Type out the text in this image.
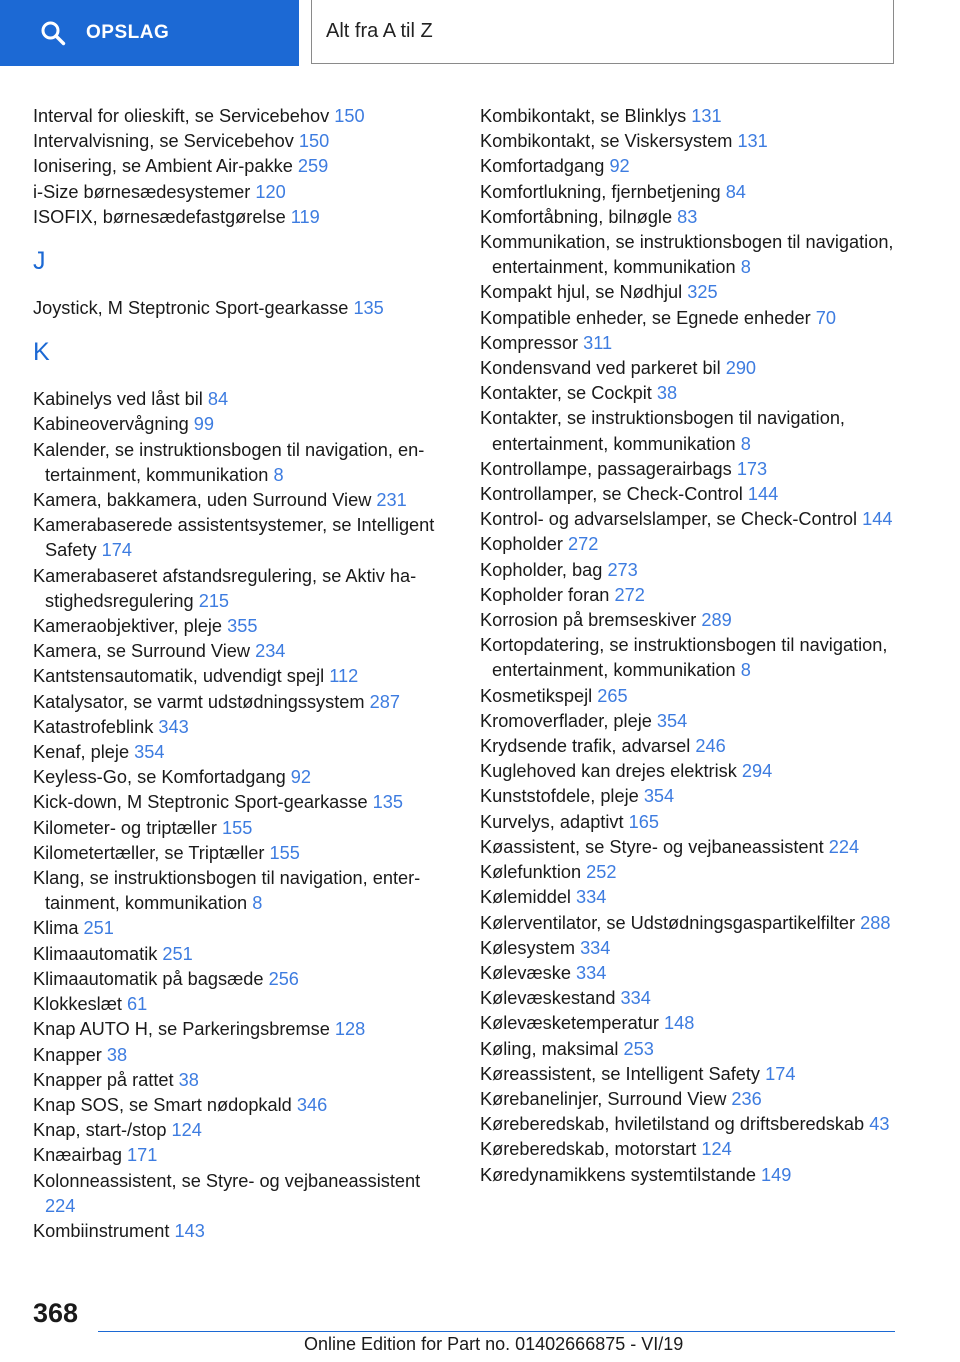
OPSLAG	Alt fra A til Z
Interval for olieskift, se Servicebehov 150
Intervalvisning, se Servicebehov 150
Ionisering, se Ambient Air-pakke 259
i-Size børnesædesystemer 120
ISOFIX, børnesædefastgørelse 119
J
Joystick, M Steptronic Sport-gearkasse 135
K
Kabinelys ved låst bil 84
Kabineovervågning 99
Kalender, se instruktionsbogen til navigation, entertainment, kommunikation 8
Kamera, bakkamera, uden Surround View 231
Kamerabaserede assistentsystemer, se Intelligent Safety 174
Kamerabaseret afstandsregulering, se Aktiv hastighedsregulering 215
Kameraobjektiver, pleje 355
Kamera, se Surround View 234
Kantstensautomatik, udvendigt spejl 112
Katalysator, se varmt udstødningssystem 287
Katastrofeblink 343
Kenaf, pleje 354
Keyless-Go, se Komfortadgang 92
Kick-down, M Steptronic Sport-gearkasse 135
Kilometer- og triptæller 155
Kilometertæller, se Triptæller 155
Klang, se instruktionsbogen til navigation, entertainment, kommunikation 8
Klima 251
Klimaautomatik 251
Klimaautomatik på bagsæde 256
Klokkeslæt 61
Knap AUTO H, se Parkeringsbremse 128
Knapper 38
Knapper på rattet 38
Knap SOS, se Smart nødopkald 346
Knap, start-/stop 124
Knæairbag 171
Kolonneassistent, se Styre- og vejbaneassistent 224
Kombiinstrument 143
Kombikontakt, se Blinklys 131
Kombikontakt, se Viskersystem 131
Komfortadgang 92
Komfortlukning, fjernbetjening 84
Komfortåbning, bilnøgle 83
Kommunikation, se instruktionsbogen til navigation, entertainment, kommunikation 8
Kompakt hjul, se Nødhjul 325
Kompatible enheder, se Egnede enheder 70
Kompressor 311
Kondensvand ved parkeret bil 290
Kontakter, se Cockpit 38
Kontakter, se instruktionsbogen til navigation, entertainment, kommunikation 8
Kontrollampe, passagerairbags 173
Kontrollamper, se Check-Control 144
Kontrol- og advarselslamper, se Check-Control 144
Kopholder 272
Kopholder, bag 273
Kopholder foran 272
Korrosion på bremseskiver 289
Kortopdatering, se instruktionsbogen til navigation, entertainment, kommunikation 8
Kosmetikspejl 265
Kromoverflader, pleje 354
Krydsende trafik, advarsel 246
Kuglehoved kan drejes elektrisk 294
Kunststofdele, pleje 354
Kurvelys, adaptivt 165
Køassistent, se Styre- og vejbaneassistent 224
Kølefunktion 252
Kølemiddel 334
Kølerventilator, se Udstødningsgaspartikelfilter 288
Kølesystem 334
Kølevæske 334
Kølevæskestand 334
Kølevæsketemperatur 148
Køling, maksimal 253
Køreassistent, se Intelligent Safety 174
Kørebanelinjer, Surround View 236
Køreberedskab, hviletilstand og driftsberedskab 43
Køreberedskab, motorstart 124
Køredynamikkens systemtilstande 149
368
Online Edition for Part no. 01402666875 - VI/19
